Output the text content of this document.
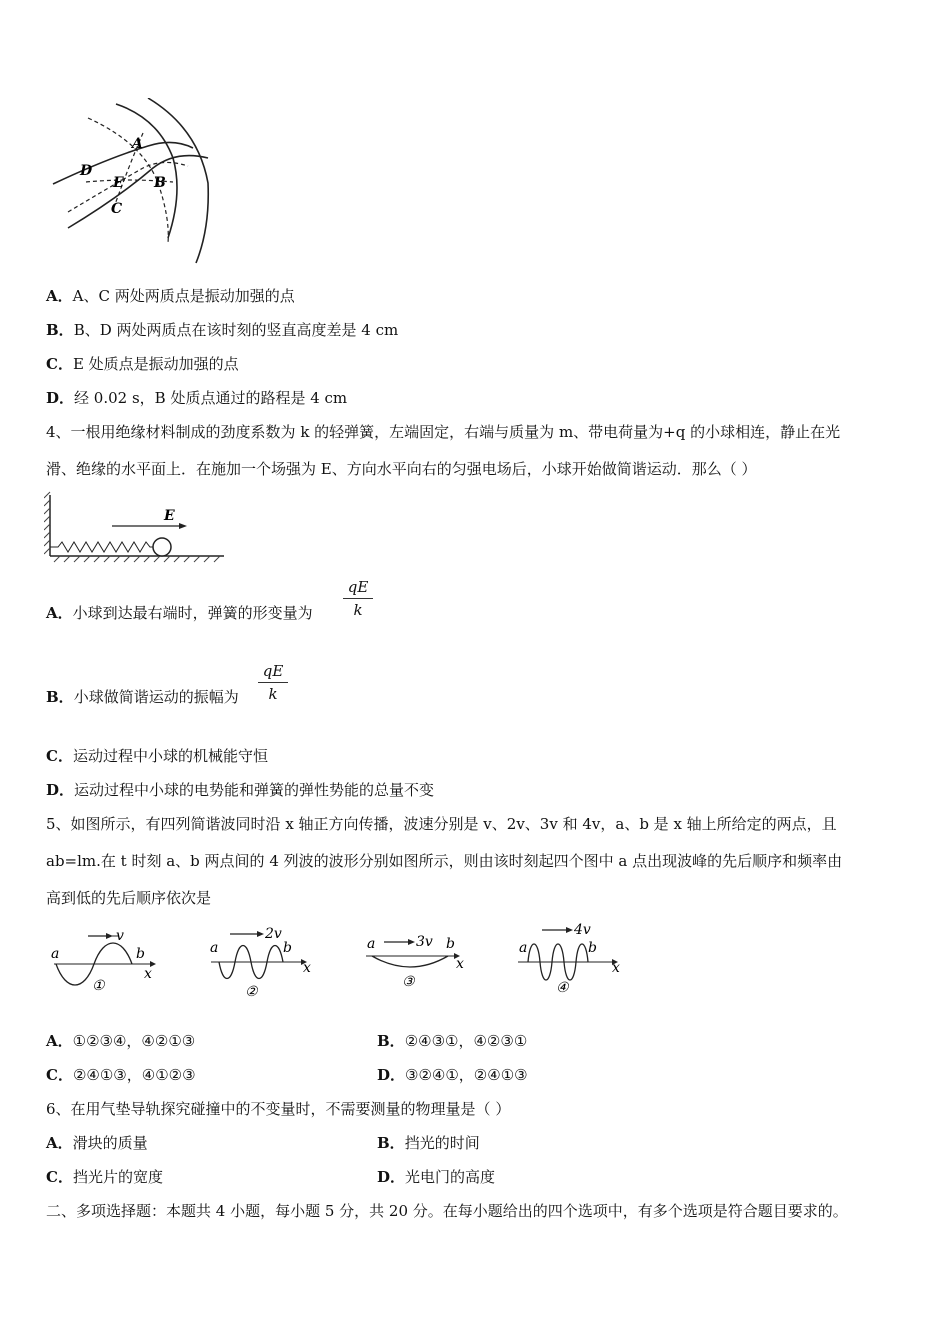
A
B
C
D
E
A．A、C 两处两质点是振动加强的点
B．B、D 两处两质点在该时刻的竖直高度差是 4 cm
C．E 处质点是振动加强的点
D．经 0.02 s，B 处质点通过的路程是 4 cm
4、一根用绝缘材料制成的劲度系数为 k 的轻弹簧，左端固定，右端与质量为 m、带电荷量为+q 的小球相连，静止在光
滑、绝缘的水平面上．在施加一个场强为 E、方向水平向右的匀强电场后，小球开始做简谐运动．那么（ ）
E
A．小球到达最右端时，弹簧的形变量为 $\frac{qE}{k}$
B．小球做简谐运动的振幅为 $\frac{qE}{k}$
C．运动过程中小球的机械能守恒
D．运动过程中小球的电势能和弹簧的弹性势能的总量不变
5、如图所示，有四列简谐波同时沿 x 轴正方向传播，波速分别是 v、2v、3v 和 4v，a、b 是 x 轴上所给定的两点，且
ab=lm.在 t 时刻 a、b 两点间的 4 列波的波形分别如图所示，则由该时刻起四个图中 a 点出现波峰的先后顺序和频率由
高到低的先后顺序依次是
v
a	b
x
①
2v
a	b
x
②
3v
a	b
x
③
4v
a	b
x
④
A．①②③④，④②①③	B．②④③①，④②③①
C．②④①③，④①②③	D．③②④①，②④①③
6、在用气垫导轨探究碰撞中的不变量时，不需要测量的物理量是（ ）
A．滑块的质量	B．挡光的时间
C．挡光片的宽度	D．光电门的高度
二、多项选择题：本题共 4 小题，每小题 5 分，共 20 分。在每小题给出的四个选项中，有多个选项是符合题目要求的。
